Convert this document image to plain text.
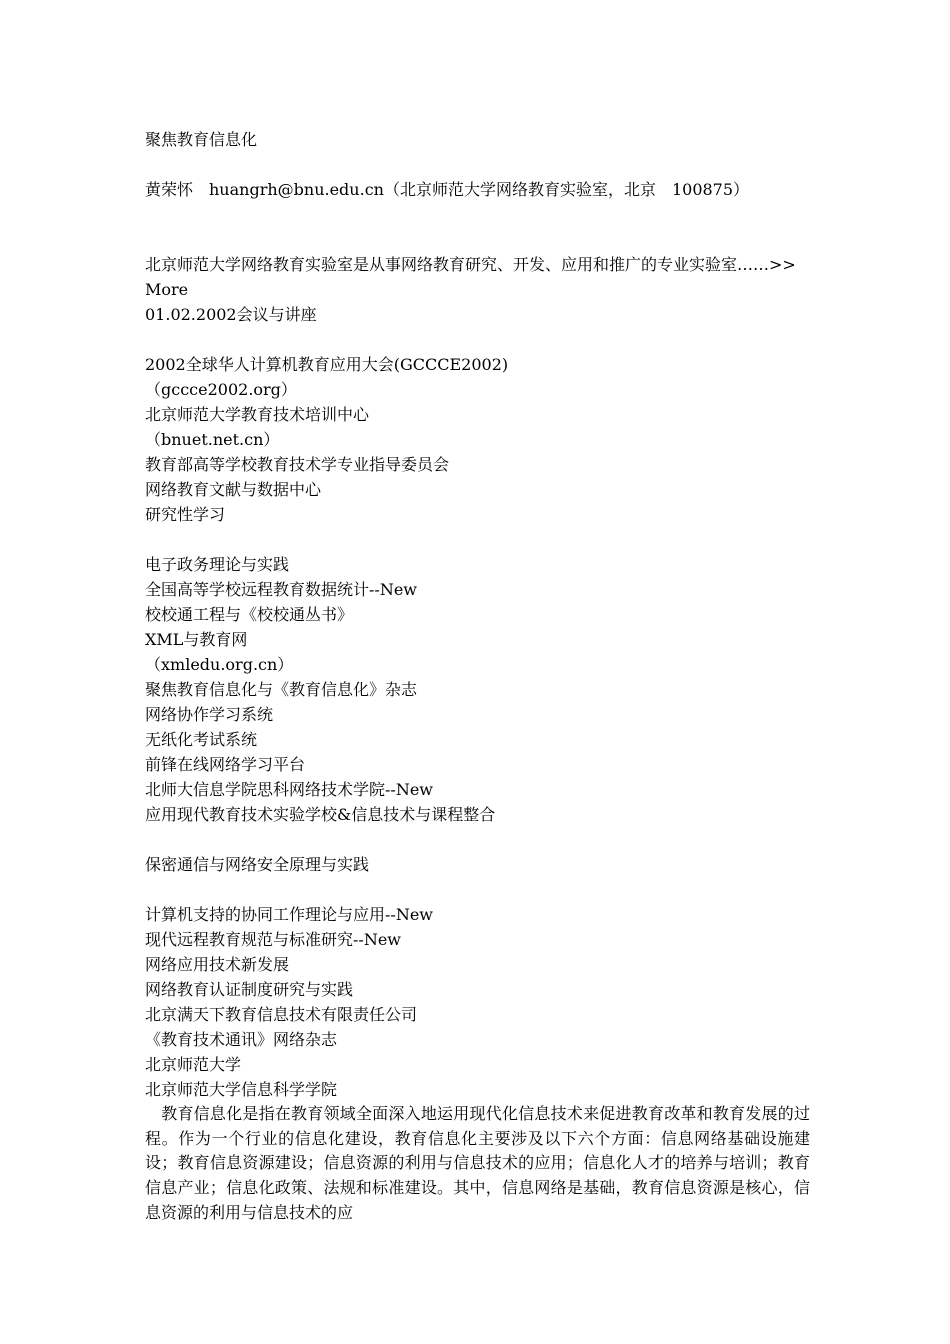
聚焦教育信息化
黄荣怀　huangrh@bnu.edu.cn（北京师范大学网络教育实验室，北京　100875）
北京师范大学网络教育实验室是从事网络教育研究、开发、应用和推广的专业实验室……>>More
01.02.2002会议与讲座
2002全球华人计算机教育应用大会(GCCCE2002)
（gccce2002.org）
北京师范大学教育技术培训中心
（bnuet.net.cn）
教育部高等学校教育技术学专业指导委员会
网络教育文献与数据中心
研究性学习
电子政务理论与实践
全国高等学校远程教育数据统计--New
校校通工程与《校校通丛书》
XML与教育网
（xmledu.org.cn）
聚焦教育信息化与《教育信息化》杂志
网络协作学习系统
无纸化考试系统
前锋在线网络学习平台
北师大信息学院思科网络技术学院--New
应用现代教育技术实验学校&信息技术与课程整合
保密通信与网络安全原理与实践
计算机支持的协同工作理论与应用--New
现代远程教育规范与标准研究--New
网络应用技术新发展
网络教育认证制度研究与实践
北京满天下教育信息技术有限责任公司
《教育技术通讯》网络杂志
北京师范大学
北京师范大学信息科学学院
　教育信息化是指在教育领域全面深入地运用现代化信息技术来促进教育改革和教育发展的过程。作为一个行业的信息化建设，教育信息化主要涉及以下六个方面：信息网络基础设施建设；教育信息资源建设；信息资源的利用与信息技术的应用；信息化人才的培养与培训；教育信息产业；信息化政策、法规和标准建设。其中，信息网络是基础，教育信息资源是核心，信息资源的利用与信息技术的应
